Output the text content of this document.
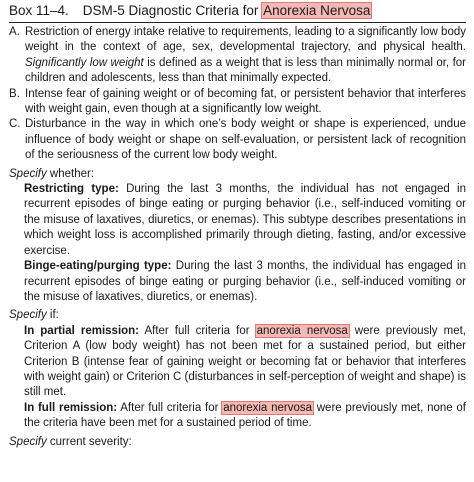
Box 11–4. DSM-5 Diagnostic Criteria for Anorexia Nervosa
A. Restriction of energy intake relative to requirements, leading to a significantly low body weight in the context of age, sex, developmental trajectory, and physical health. Significantly low weight is defined as a weight that is less than minimally normal or, for children and adolescents, less than that minimally expected.
B. Intense fear of gaining weight or of becoming fat, or persistent behavior that interferes with weight gain, even though at a significantly low weight.
C. Disturbance in the way in which one’s body weight or shape is experienced, undue influence of body weight or shape on self-evaluation, or persistent lack of recognition of the seriousness of the current low body weight.
Specify whether:
Restricting type: During the last 3 months, the individual has not engaged in recurrent episodes of binge eating or purging behavior (i.e., self-induced vomiting or the misuse of laxatives, diuretics, or enemas). This subtype describes presentations in which weight loss is accomplished primarily through dieting, fasting, and/or excessive exercise.
Binge-eating/purging type: During the last 3 months, the individual has engaged in recurrent episodes of binge eating or purging behavior (i.e., self-induced vomiting or the misuse of laxatives, diuretics, or enemas).
Specify if:
In partial remission: After full criteria for anorexia nervosa were previously met, Criterion A (low body weight) has not been met for a sustained period, but either Criterion B (intense fear of gaining weight or becoming fat or behavior that interferes with weight gain) or Criterion C (disturbances in self-perception of weight and shape) is still met.
In full remission: After full criteria for anorexia nervosa were previously met, none of the criteria have been met for a sustained period of time.
Specify current severity:
